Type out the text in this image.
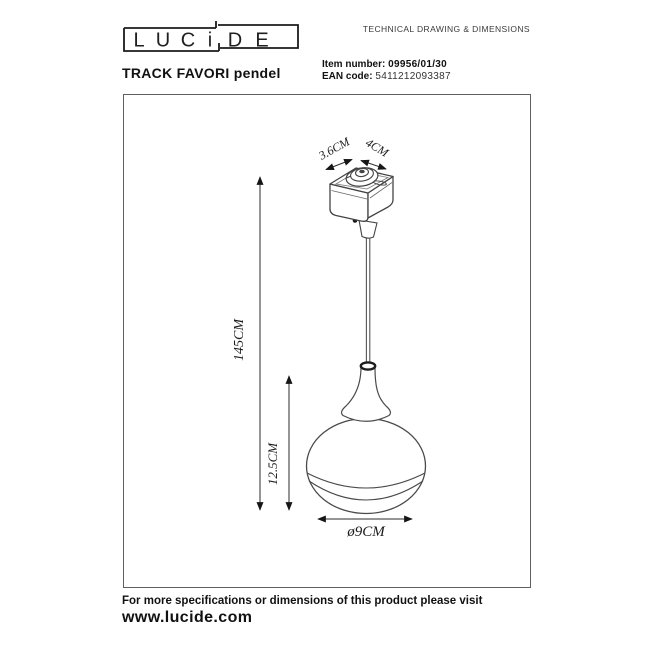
L U C i D E
TECHNICAL DRAWING & DIMENSIONS
TRACK FAVORI pendel
Item number: 09956/01/30
EAN code: 5411212093387
145CM
12.5CM
ø9CM
3.6CM 4CM
For more specifications or dimensions of this product please visit
www.lucide.com
